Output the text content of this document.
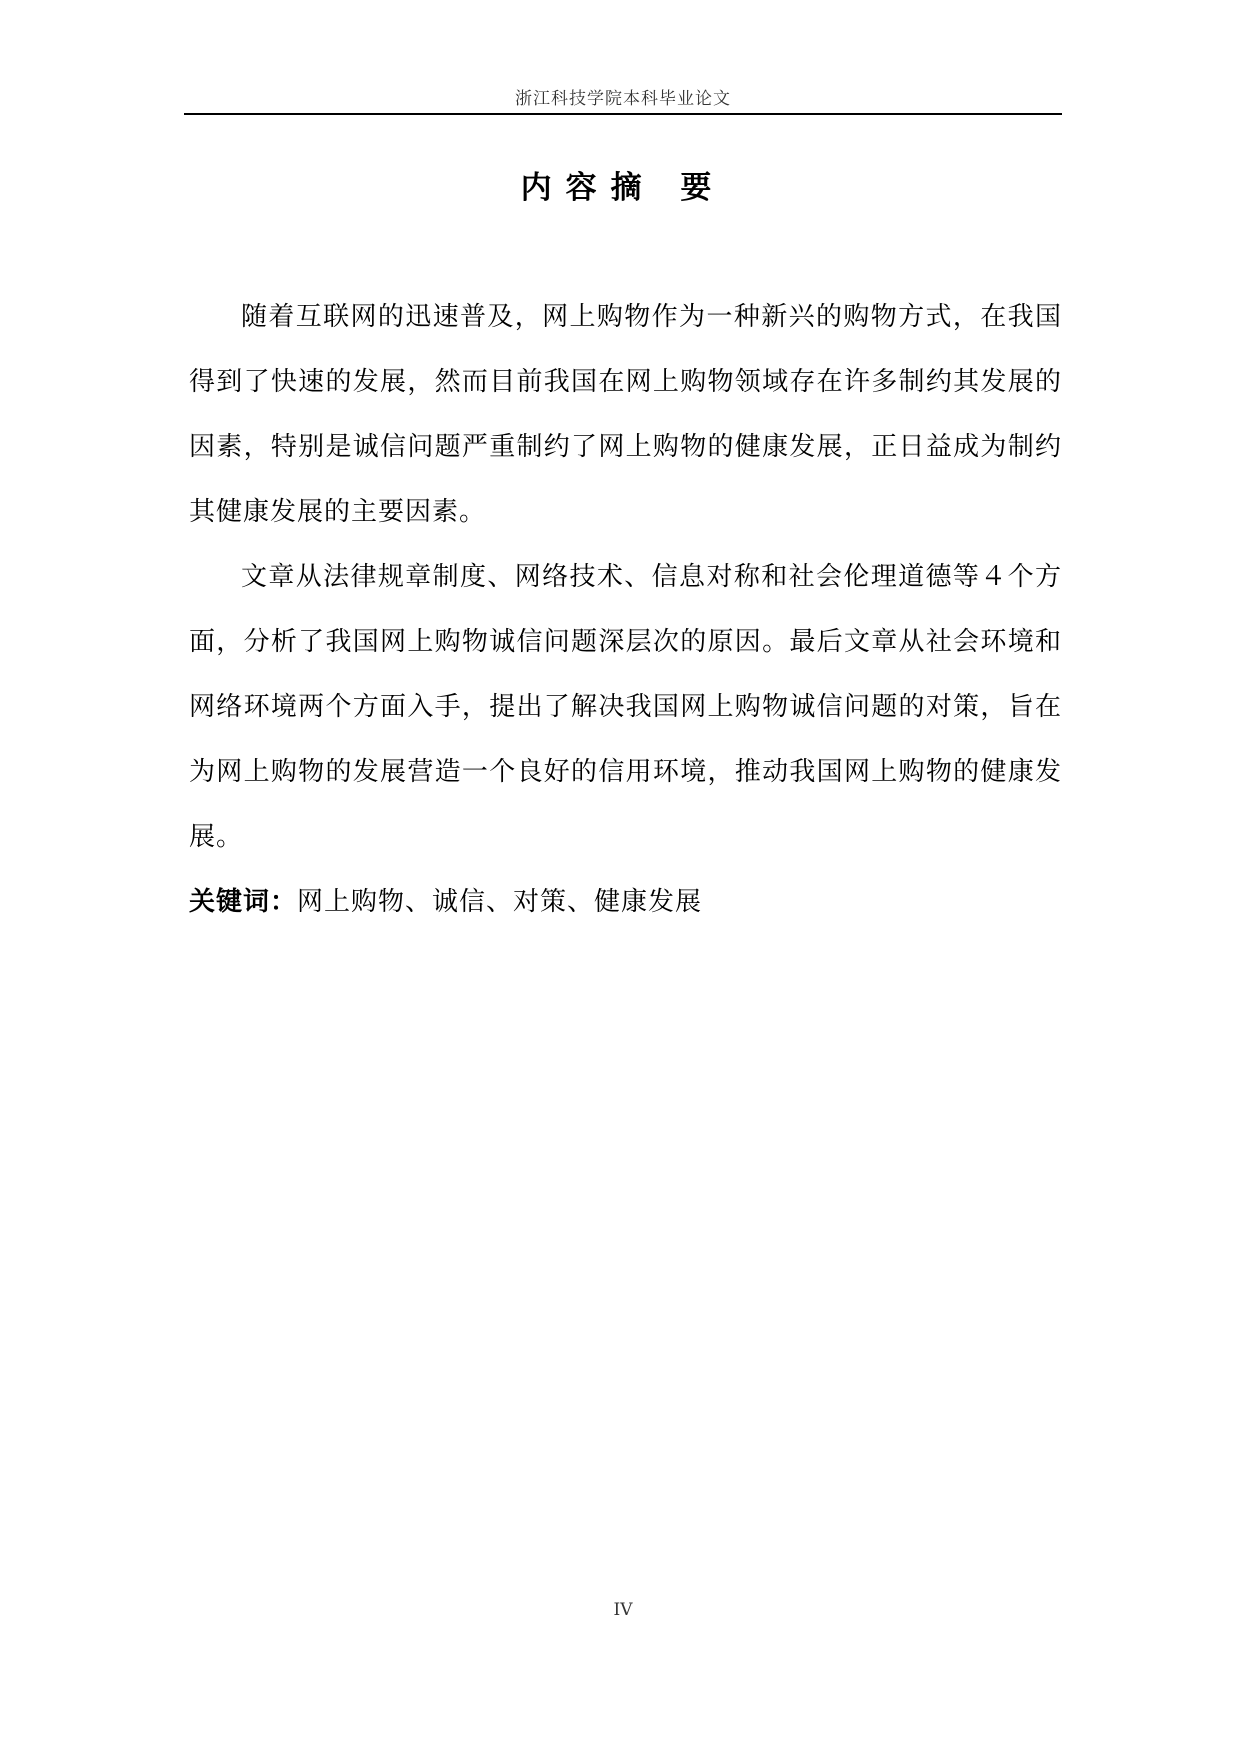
浙江科技学院本科毕业论文
内容摘 要

随着互联网的迅速普及，网上购物作为一种新兴的购物方式，在我国得到了快速的发展，然而目前我国在网上购物领域存在许多制约其发展的因素，特别是诚信问题严重制约了网上购物的健康发展，正日益成为制约其健康发展的主要因素。

文章从法律规章制度、网络技术、信息对称和社会伦理道德等４个方面，分析了我国网上购物诚信问题深层次的原因。最后文章从社会环境和网络环境两个方面入手，提出了解决我国网上购物诚信问题的对策，旨在为网上购物的发展营造一个良好的信用环境，推动我国网上购物的健康发展。

关键词：网上购物、诚信、对策、健康发展

IV
